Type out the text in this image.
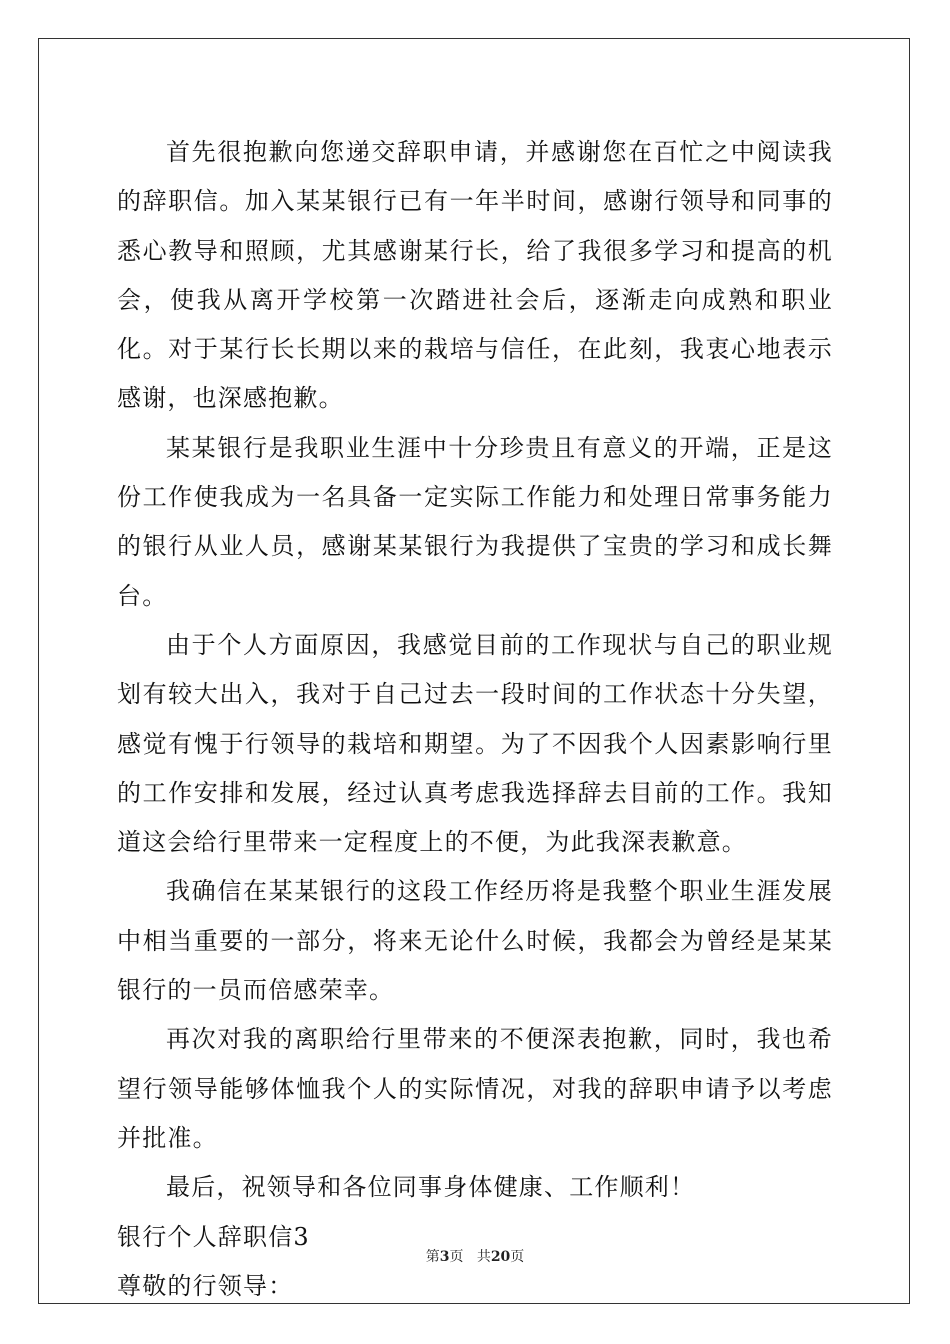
首先很抱歉向您递交辞职申请，并感谢您在百忙之中阅读我的辞职信。加入某某银行已有一年半时间，感谢行领导和同事的悉心教导和照顾，尤其感谢某行长，给了我很多学习和提高的机会，使我从离开学校第一次踏进社会后，逐渐走向成熟和职业化。对于某行长长期以来的栽培与信任，在此刻，我衷心地表示感谢，也深感抱歉。

某某银行是我职业生涯中十分珍贵且有意义的开端，正是这份工作使我成为一名具备一定实际工作能力和处理日常事务能力的银行从业人员，感谢某某银行为我提供了宝贵的学习和成长舞台。

由于个人方面原因，我感觉目前的工作现状与自己的职业规划有较大出入，我对于自己过去一段时间的工作状态十分失望，感觉有愧于行领导的栽培和期望。为了不因我个人因素影响行里的工作安排和发展，经过认真考虑我选择辞去目前的工作。我知道这会给行里带来一定程度上的不便，为此我深表歉意。

我确信在某某银行的这段工作经历将是我整个职业生涯发展中相当重要的一部分，将来无论什么时候，我都会为曾经是某某银行的一员而倍感荣幸。

再次对我的离职给行里带来的不便深表抱歉，同时，我也希望行领导能够体恤我个人的实际情况，对我的辞职申请予以考虑并批准。

最后，祝领导和各位同事身体健康、工作顺利！

银行个人辞职信3

尊敬的行领导：

第3页 共20页
